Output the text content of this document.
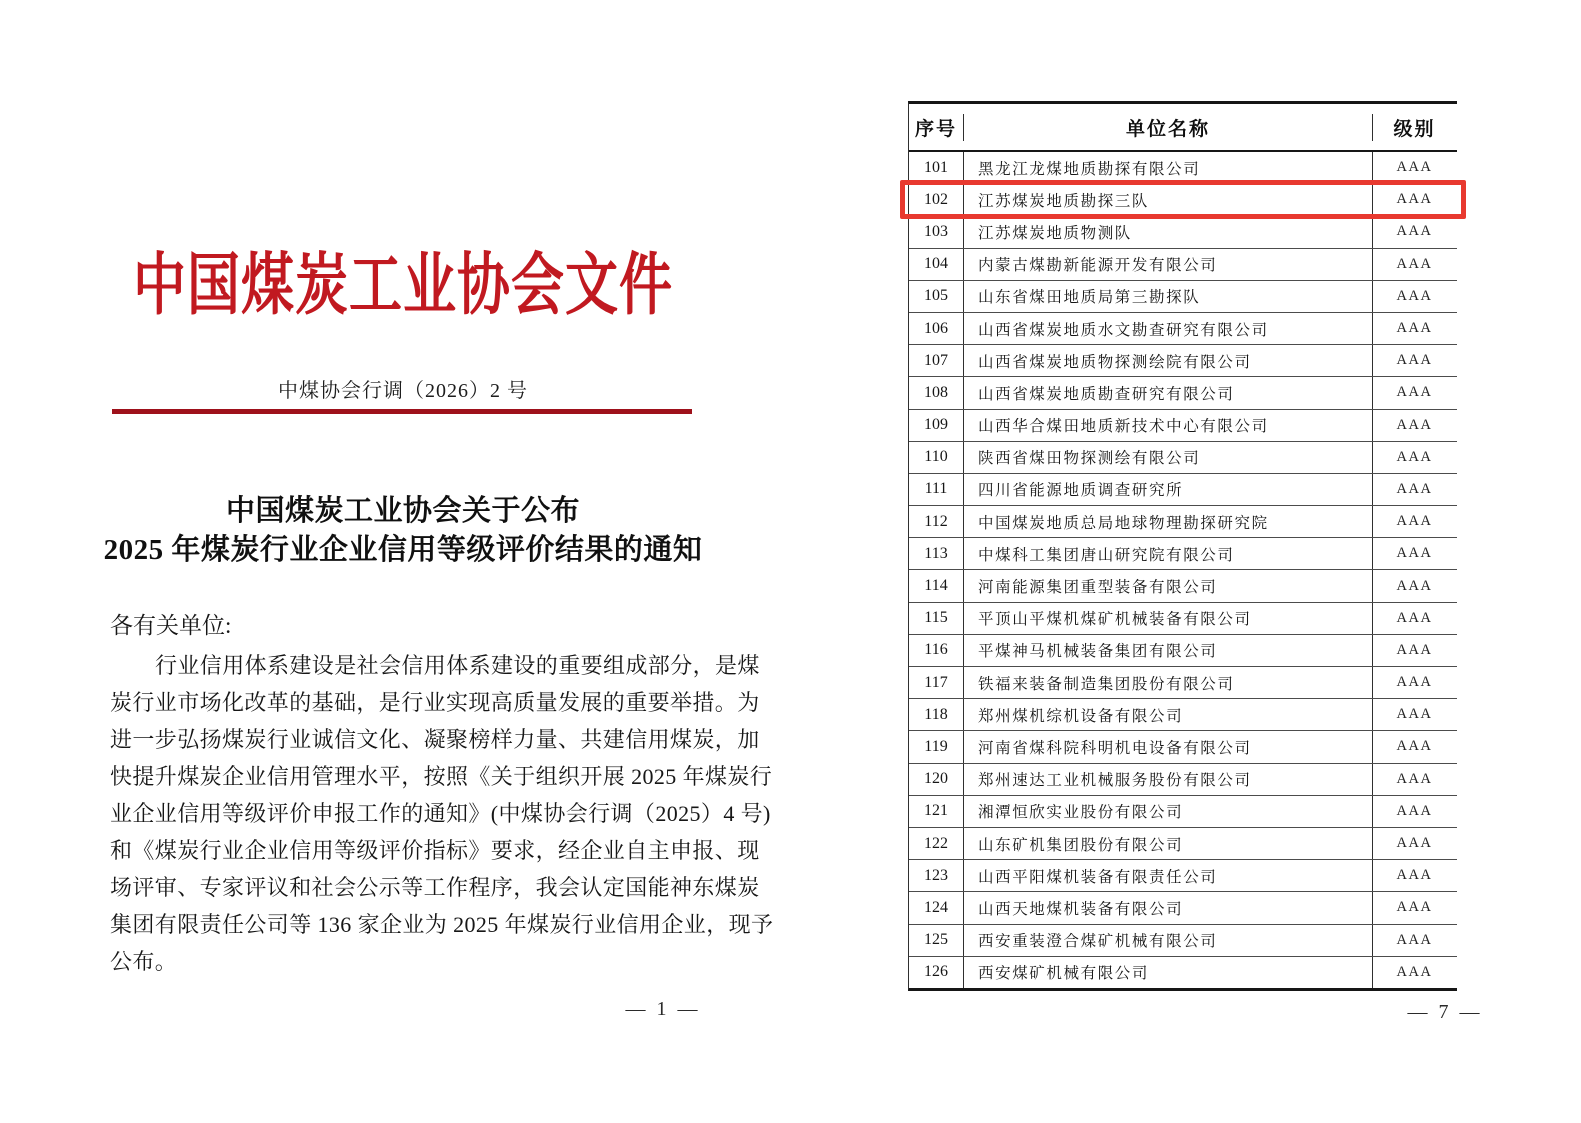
中国煤炭工业协会文件
中煤协会行调（2026）2 号
中国煤炭工业协会关于公布
2025 年煤炭行业企业信用等级评价结果的通知
各有关单位:
行业信用体系建设是社会信用体系建设的重要组成部分，是煤
炭行业市场化改革的基础，是行业实现高质量发展的重要举措。为
进一步弘扬煤炭行业诚信文化、凝聚榜样力量、共建信用煤炭，加
快提升煤炭企业信用管理水平，按照《关于组织开展 2025 年煤炭行
业企业信用等级评价申报工作的通知》(中煤协会行调（2025）4 号)
和《煤炭行业企业信用等级评价指标》要求，经企业自主申报、现
场评审、专家评议和社会公示等工作程序，我会认定国能神东煤炭
集团有限责任公司等 136 家企业为 2025 年煤炭行业信用企业，现予
公布。
— 1 —
序号	单位名称	级别
101	黑龙江龙煤地质勘探有限公司	AAA
102	江苏煤炭地质勘探三队	AAA
103	江苏煤炭地质物测队	AAA
104	内蒙古煤勘新能源开发有限公司	AAA
105	山东省煤田地质局第三勘探队	AAA
106	山西省煤炭地质水文勘查研究有限公司	AAA
107	山西省煤炭地质物探测绘院有限公司	AAA
108	山西省煤炭地质勘查研究有限公司	AAA
109	山西华合煤田地质新技术中心有限公司	AAA
110	陕西省煤田物探测绘有限公司	AAA
111	四川省能源地质调查研究所	AAA
112	中国煤炭地质总局地球物理勘探研究院	AAA
113	中煤科工集团唐山研究院有限公司	AAA
114	河南能源集团重型装备有限公司	AAA
115	平顶山平煤机煤矿机械装备有限公司	AAA
116	平煤神马机械装备集团有限公司	AAA
117	铁福来装备制造集团股份有限公司	AAA
118	郑州煤机综机设备有限公司	AAA
119	河南省煤科院科明机电设备有限公司	AAA
120	郑州速达工业机械服务股份有限公司	AAA
121	湘潭恒欣实业股份有限公司	AAA
122	山东矿机集团股份有限公司	AAA
123	山西平阳煤机装备有限责任公司	AAA
124	山西天地煤机装备有限公司	AAA
125	西安重装澄合煤矿机械有限公司	AAA
126	西安煤矿机械有限公司	AAA
— 7 —
